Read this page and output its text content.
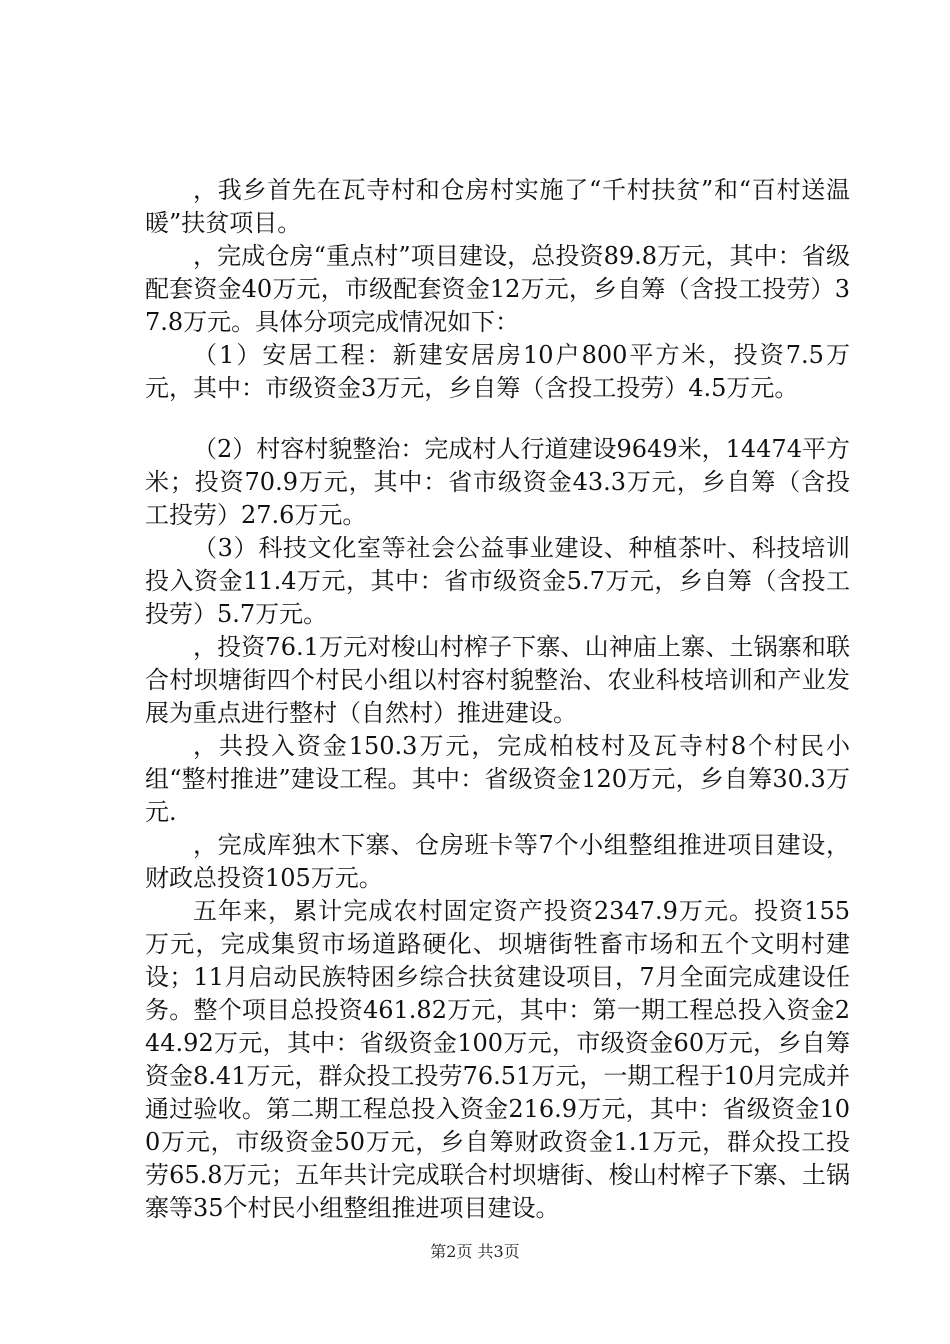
，我乡首先在瓦寺村和仓房村实施了“千村扶贫”和“百村送温暖”扶贫项目。

，完成仓房“重点村”项目建设，总投资89.8万元，其中：省级配套资金40万元，市级配套资金12万元，乡自筹（含投工投劳）37.8万元。具体分项完成情况如下：

（1）安居工程：新建安居房10户800平方米，投资7.5万元，其中：市级资金3万元，乡自筹（含投工投劳）4.5万元。

（2）村容村貌整治：完成村人行道建设9649米，14474平方米；投资70.9万元，其中：省市级资金43.3万元，乡自筹（含投工投劳）27.6万元。

（3）科技文化室等社会公益事业建设、种植茶叶、科技培训投入资金11.4万元，其中：省市级资金5.7万元，乡自筹（含投工投劳）5.7万元。

，投资76.1万元对梭山村榨子下寨、山神庙上寨、土锅寨和联合村坝塘街四个村民小组以村容村貌整治、农业科枝培训和产业发展为重点进行整村（自然村）推进建设。

，共投入资金150.3万元，完成柏枝村及瓦寺村8个村民小组“整村推进”建设工程。其中：省级资金120万元，乡自筹30.3万元.

，完成库独木下寨、仓房班卡等7个小组整组推进项目建设，财政总投资105万元。

五年来，累计完成农村固定资产投资2347.9万元。投资155万元，完成集贸市场道路硬化、坝塘街牲畜市场和五个文明村建设；11月启动民族特困乡综合扶贫建设项目，7月全面完成建设任务。整个项目总投资461.82万元，其中：第一期工程总投入资金244.92万元，其中：省级资金100万元，市级资金60万元，乡自筹资金8.41万元，群众投工投劳76.51万元，一期工程于10月完成并通过验收。第二期工程总投入资金216.9万元，其中：省级资金100万元，市级资金50万元，乡自筹财政资金1.1万元，群众投工投劳65.8万元；五年共计完成联合村坝塘街、梭山村榨子下寨、土锅寨等35个村民小组整组推进项目建设。

第2页 共3页
